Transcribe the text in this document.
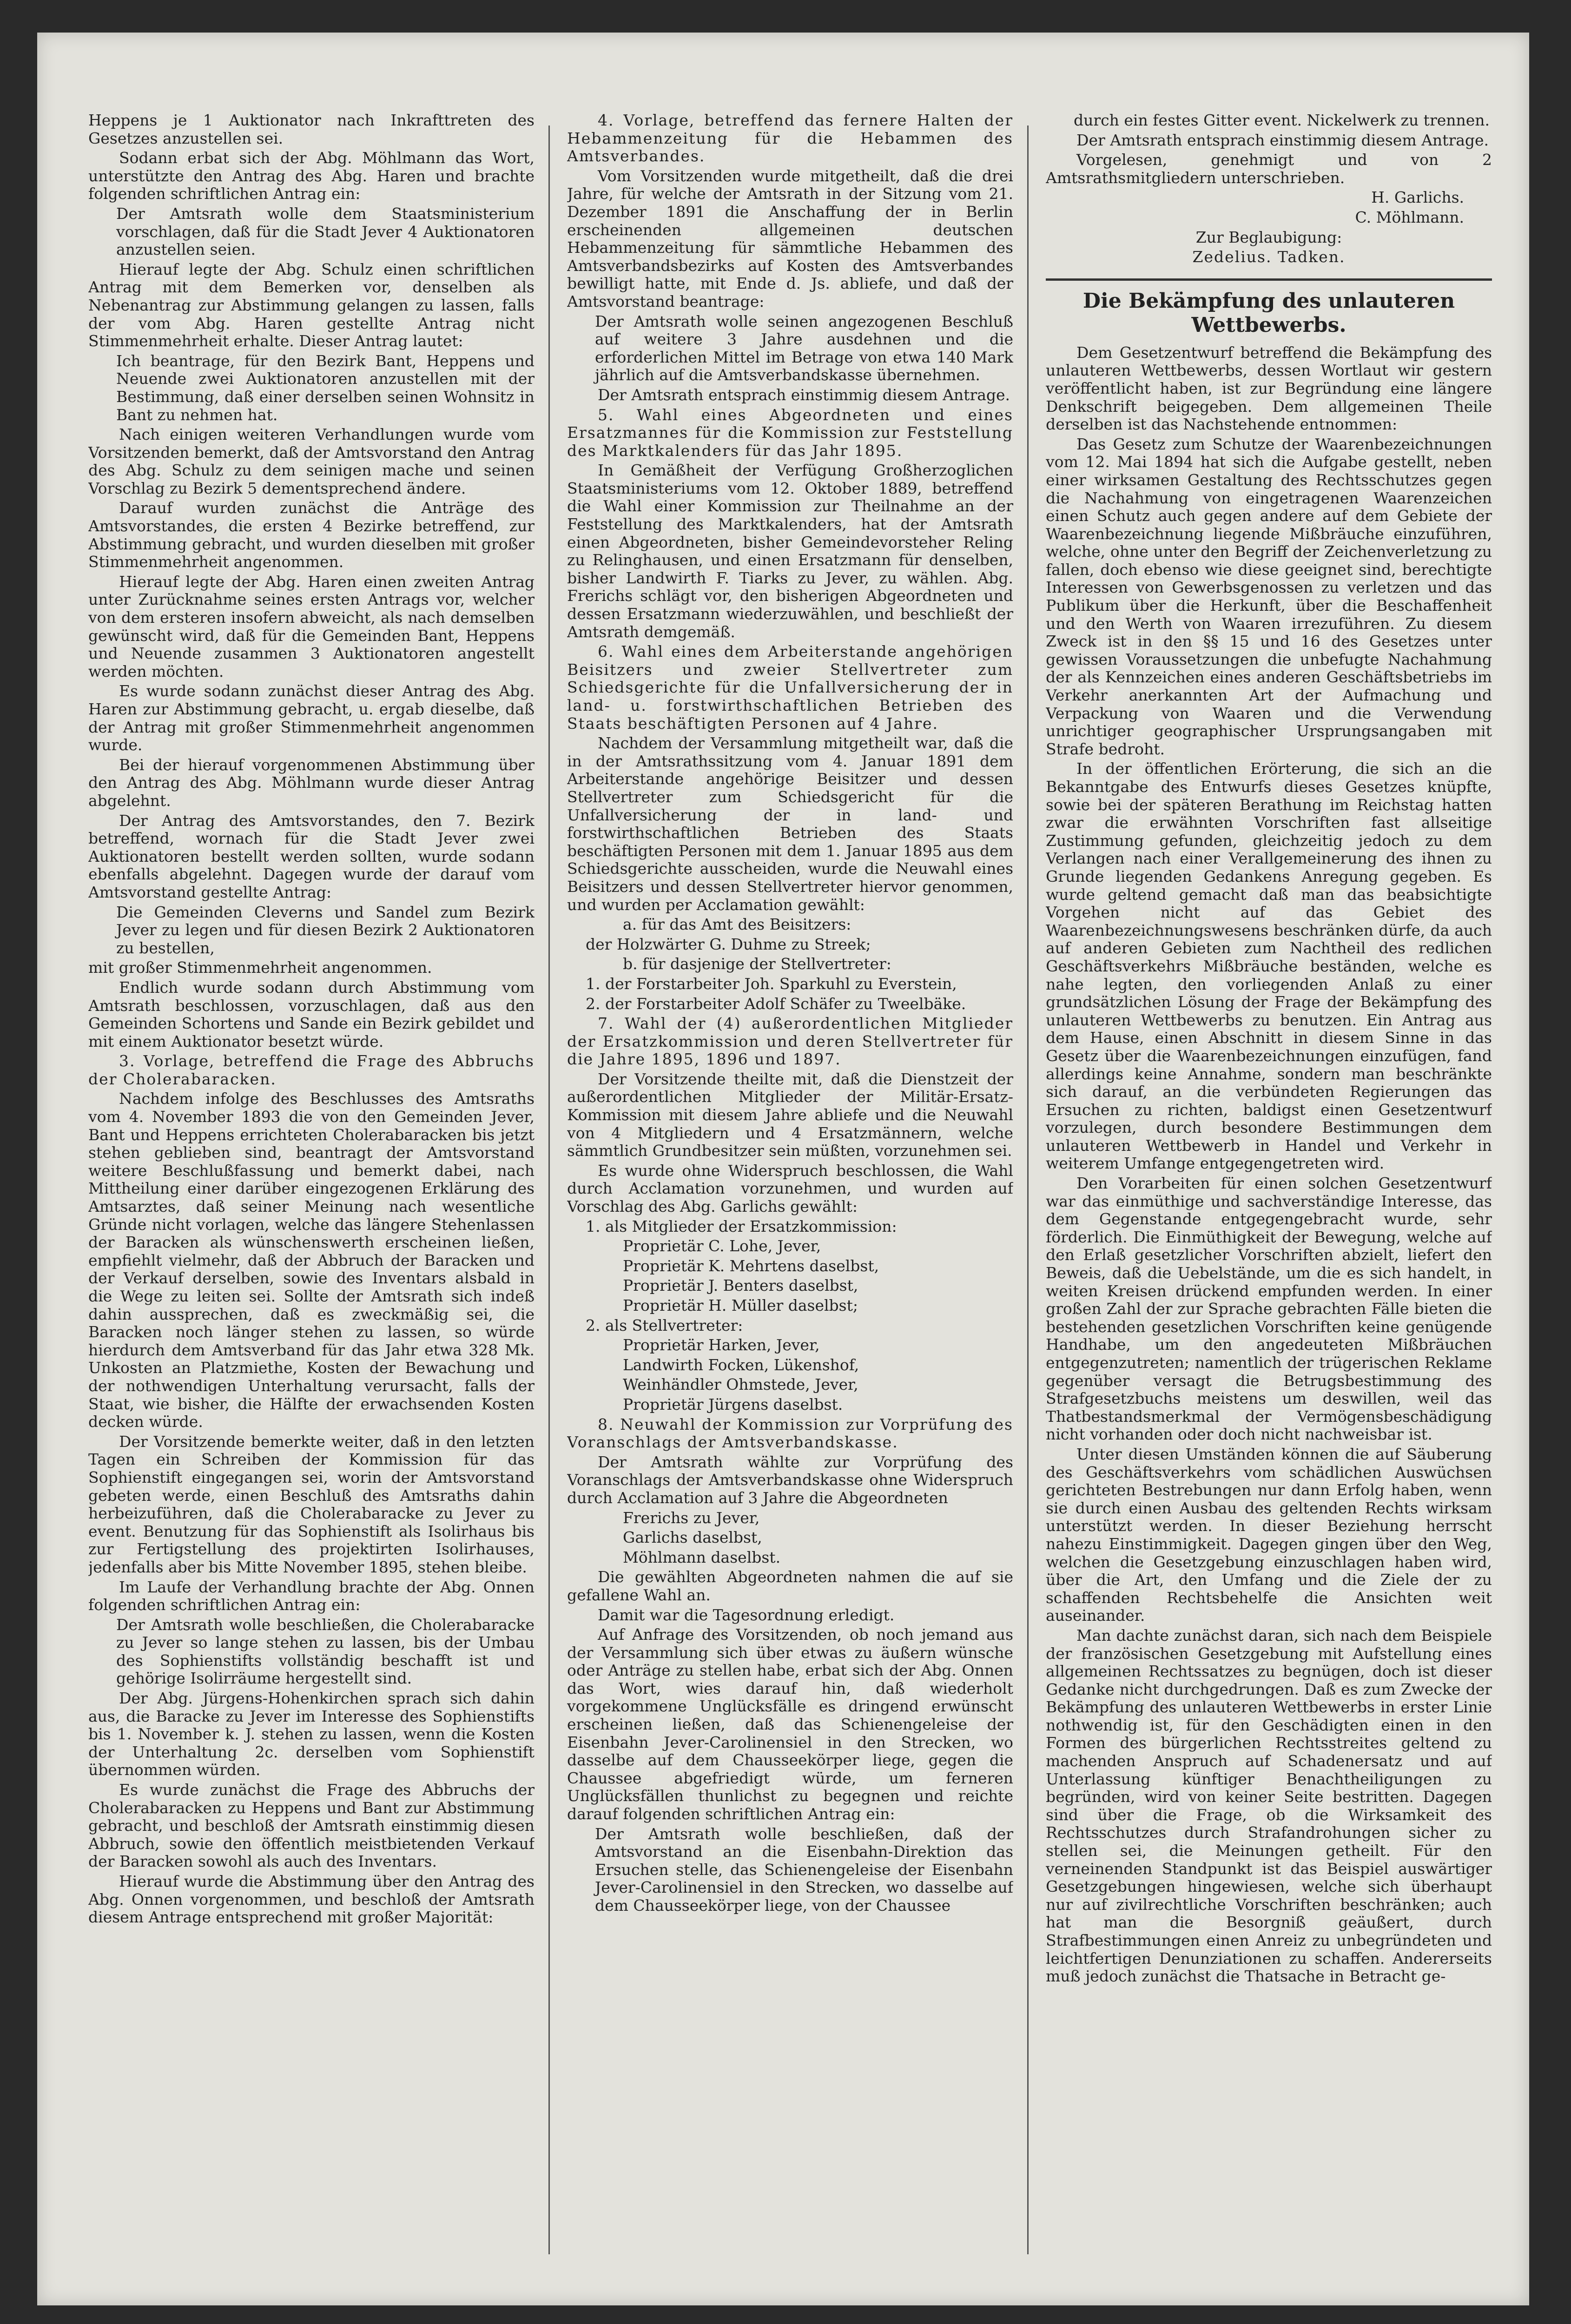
Heppens je 1 Auktionator nach Inkrafttreten des Gesetzes anzustellen sei.

Sodann erbat sich der Abg. Möhlmann das Wort, unterstützte den Antrag des Abg. Haren und brachte folgenden schriftlichen Antrag ein:

Der Amtsrath wolle dem Staatsministerium vorschlagen, daß für die Stadt Jever 4 Auktionatoren anzustellen seien.

Hierauf legte der Abg. Schulz einen schriftlichen Antrag mit dem Bemerken vor, denselben als Nebenantrag zur Abstimmung gelangen zu lassen, falls der vom Abg. Haren gestellte Antrag nicht Stimmenmehrheit erhalte. Dieser Antrag lautet:

Ich beantrage, für den Bezirk Bant, Heppens und Neuende zwei Auktionatoren anzustellen mit der Bestimmung, daß einer derselben seinen Wohnsitz in Bant zu nehmen hat.

Nach einigen weiteren Verhandlungen wurde vom Vorsitzenden bemerkt, daß der Amtsvorstand den Antrag des Abg. Schulz zu dem seinigen mache und seinen Vorschlag zu Bezirk 5 dementsprechend ändere.

Darauf wurden zunächst die Anträge des Amtsvorstandes, die ersten 4 Bezirke betreffend, zur Abstimmung gebracht, und wurden dieselben mit großer Stimmenmehrheit angenommen.

Hierauf legte der Abg. Haren einen zweiten Antrag unter Zurücknahme seines ersten Antrags vor, welcher von dem ersteren insofern abweicht, als nach demselben gewünscht wird, daß für die Gemeinden Bant, Heppens und Neuende zusammen 3 Auktionatoren angestellt werden möchten.

Es wurde sodann zunächst dieser Antrag des Abg. Haren zur Abstimmung gebracht, u. ergab dieselbe, daß der Antrag mit großer Stimmenmehrheit angenommen wurde.

Bei der hierauf vorgenommenen Abstimmung über den Antrag des Abg. Möhlmann wurde dieser Antrag abgelehnt.

Der Antrag des Amtsvorstandes, den 7. Bezirk betreffend, wornach für die Stadt Jever zwei Auktionatoren bestellt werden sollten, wurde sodann ebenfalls abgelehnt. Dagegen wurde der darauf vom Amtsvorstand gestellte Antrag:

Die Gemeinden Cleverns und Sandel zum Bezirk Jever zu legen und für diesen Bezirk 2 Auktionatoren zu bestellen,

mit großer Stimmenmehrheit angenommen.

Endlich wurde sodann durch Abstimmung vom Amtsrath beschlossen, vorzuschlagen, daß aus den Gemeinden Schortens und Sande ein Bezirk gebildet und mit einem Auktionator besetzt würde.

3. Vorlage, betreffend die Frage des Abbruchs der Cholerabaracken.

Nachdem infolge des Beschlusses des Amtsraths vom 4. November 1893 die von den Gemeinden Jever, Bant und Heppens errichteten Cholerabaracken bis jetzt stehen geblieben sind, beantragt der Amtsvorstand weitere Beschlußfassung und bemerkt dabei, nach Mittheilung einer darüber eingezogenen Erklärung des Amtsarztes, daß seiner Meinung nach wesentliche Gründe nicht vorlagen, welche das längere Stehenlassen der Baracken als wünschenswerth erscheinen ließen, empfiehlt vielmehr, daß der Abbruch der Baracken und der Verkauf derselben, sowie des Inventars alsbald in die Wege zu leiten sei. Sollte der Amtsrath sich indeß dahin aussprechen, daß es zweckmäßig sei, die Baracken noch länger stehen zu lassen, so würde hierdurch dem Amtsverband für das Jahr etwa 328 Mk. Unkosten an Platzmiethe, Kosten der Bewachung und der nothwendigen Unterhaltung verursacht, falls der Staat, wie bisher, die Hälfte der erwachsenden Kosten decken würde.

Der Vorsitzende bemerkte weiter, daß in den letzten Tagen ein Schreiben der Kommission für das Sophienstift eingegangen sei, worin der Amtsvorstand gebeten werde, einen Beschluß des Amtsraths dahin herbeizuführen, daß die Cholerabaracke zu Jever zu event. Benutzung für das Sophienstift als Isolirhaus bis zur Fertigstellung des projektirten Isolirhauses, jedenfalls aber bis Mitte November 1895, stehen bleibe.

Im Laufe der Verhandlung brachte der Abg. Onnen folgenden schriftlichen Antrag ein:

Der Amtsrath wolle beschließen, die Cholerabaracke zu Jever so lange stehen zu lassen, bis der Umbau des Sophienstifts vollständig beschafft ist und gehörige Isolirräume hergestellt sind.

Der Abg. Jürgens-Hohenkirchen sprach sich dahin aus, die Baracke zu Jever im Interesse des Sophienstifts bis 1. November k. J. stehen zu lassen, wenn die Kosten der Unterhaltung 2c. derselben vom Sophienstift übernommen würden.

Es wurde zunächst die Frage des Abbruchs der Cholerabaracken zu Heppens und Bant zur Abstimmung gebracht, und beschloß der Amtsrath einstimmig diesen Abbruch, sowie den öffentlich meistbietenden Verkauf der Baracken sowohl als auch des Inventars.

Hierauf wurde die Abstimmung über den Antrag des Abg. Onnen vorgenommen, und beschloß der Amtsrath diesem Antrage entsprechend mit großer Majorität:

4. Vorlage, betreffend das fernere Halten der Hebammenzeitung für die Hebammen des Amtsverbandes.

Vom Vorsitzenden wurde mitgetheilt, daß die drei Jahre, für welche der Amtsrath in der Sitzung vom 21. Dezember 1891 die Anschaffung der in Berlin erscheinenden allgemeinen deutschen Hebammenzeitung für sämmtliche Hebammen des Amtsverbandsbezirks auf Kosten des Amtsverbandes bewilligt hatte, mit Ende d. Js. abliefe, und daß der Amtsvorstand beantrage:

Der Amtsrath wolle seinen angezogenen Beschluß auf weitere 3 Jahre ausdehnen und die erforderlichen Mittel im Betrage von etwa 140 Mark jährlich auf die Amtsverbandskasse übernehmen.

Der Amtsrath entsprach einstimmig diesem Antrage.

5. Wahl eines Abgeordneten und eines Ersatzmannes für die Kommission zur Feststellung des Marktkalenders für das Jahr 1895.

In Gemäßheit der Verfügung Großherzoglichen Staatsministeriums vom 12. Oktober 1889, betreffend die Wahl einer Kommission zur Theilnahme an der Feststellung des Marktkalenders, hat der Amtsrath einen Abgeordneten, bisher Gemeindevorsteher Reling zu Relinghausen, und einen Ersatzmann für denselben, bisher Landwirth F. Tiarks zu Jever, zu wählen. Abg. Frerichs schlägt vor, den bisherigen Abgeordneten und dessen Ersatzmann wiederzuwählen, und beschließt der Amtsrath demgemäß.

6. Wahl eines dem Arbeiterstande angehörigen Beisitzers und zweier Stellvertreter zum Schiedsgerichte für die Unfallversicherung der in land- u. forstwirthschaftlichen Betrieben des Staats beschäftigten Personen auf 4 Jahre.

Nachdem der Versammlung mitgetheilt war, daß die in der Amtsrathssitzung vom 4. Januar 1891 dem Arbeiterstande angehörige Beisitzer und dessen Stellvertreter zum Schiedsgericht für die Unfallversicherung der in land- und forstwirthschaftlichen Betrieben des Staats beschäftigten Personen mit dem 1. Januar 1895 aus dem Schiedsgerichte ausscheiden, wurde die Neuwahl eines Beisitzers und dessen Stellvertreter hiervor genommen, und wurden per Acclamation gewählt:

a. für das Amt des Beisitzers:

der Holzwärter G. Duhme zu Streek;

b. für dasjenige der Stellvertreter:

1. der Forstarbeiter Joh. Sparkuhl zu Everstein,

2. der Forstarbeiter Adolf Schäfer zu Tweelbäke.

7. Wahl der (4) außerordentlichen Mitglieder der Ersatzkommission und deren Stellvertreter für die Jahre 1895, 1896 und 1897.

Der Vorsitzende theilte mit, daß die Dienstzeit der außerordentlichen Mitglieder der Militär-Ersatz-Kommission mit diesem Jahre abliefe und die Neuwahl von 4 Mitgliedern und 4 Ersatzmännern, welche sämmtlich Grundbesitzer sein müßten, vorzunehmen sei.

Es wurde ohne Widerspruch beschlossen, die Wahl durch Acclamation vorzunehmen, und wurden auf Vorschlag des Abg. Garlichs gewählt:

1. als Mitglieder der Ersatzkommission:

Proprietär C. Lohe, Jever,

Proprietär K. Mehrtens daselbst,

Proprietär J. Benters daselbst,

Proprietär H. Müller daselbst;

2. als Stellvertreter:

Proprietär Harken, Jever,

Landwirth Focken, Lükenshof,

Weinhändler Ohmstede, Jever,

Proprietär Jürgens daselbst.

8. Neuwahl der Kommission zur Vorprüfung des Voranschlags der Amtsverbandskasse.

Der Amtsrath wählte zur Vorprüfung des Voranschlags der Amtsverbandskasse ohne Widerspruch durch Acclamation auf 3 Jahre die Abgeordneten

Frerichs zu Jever,

Garlichs daselbst,

Möhlmann daselbst.

Die gewählten Abgeordneten nahmen die auf sie gefallene Wahl an.

Damit war die Tagesordnung erledigt.

Auf Anfrage des Vorsitzenden, ob noch jemand aus der Versammlung sich über etwas zu äußern wünsche oder Anträge zu stellen habe, erbat sich der Abg. Onnen das Wort, wies darauf hin, daß wiederholt vorgekommene Unglücksfälle es dringend erwünscht erscheinen ließen, daß das Schienengeleise der Eisenbahn Jever-Carolinensiel in den Strecken, wo dasselbe auf dem Chausseekörper liege, gegen die Chaussee abgefriedigt würde, um ferneren Unglücksfällen thunlichst zu begegnen und reichte darauf folgenden schriftlichen Antrag ein:

Der Amtsrath wolle beschließen, daß der Amtsvorstand an die Eisenbahn-Direktion das Ersuchen stelle, das Schienengeleise der Eisenbahn Jever-Carolinensiel in den Strecken, wo dasselbe auf dem Chausseekörper liege, von der Chaussee

durch ein festes Gitter event. Nickelwerk zu trennen.

Der Amtsrath entsprach einstimmig diesem Antrage.

Vorgelesen, genehmigt und von 2 Amtsrathsmitgliedern unterschrieben.

H. Garlichs.

C. Möhlmann.

Zur Beglaubigung:

Zedelius. Tadken.

Die Bekämpfung des unlauteren Wettbewerbs.

Dem Gesetzentwurf betreffend die Bekämpfung des unlauteren Wettbewerbs, dessen Wortlaut wir gestern veröffentlicht haben, ist zur Begründung eine längere Denkschrift beigegeben. Dem allgemeinen Theile derselben ist das Nachstehende entnommen:

Das Gesetz zum Schutze der Waarenbezeichnungen vom 12. Mai 1894 hat sich die Aufgabe gestellt, neben einer wirksamen Gestaltung des Rechtsschutzes gegen die Nachahmung von eingetragenen Waarenzeichen einen Schutz auch gegen andere auf dem Gebiete der Waarenbezeichnung liegende Mißbräuche einzuführen, welche, ohne unter den Begriff der Zeichenverletzung zu fallen, doch ebenso wie diese geeignet sind, berechtigte Interessen von Gewerbsgenossen zu verletzen und das Publikum über die Herkunft, über die Beschaffenheit und den Werth von Waaren irrezuführen. Zu diesem Zweck ist in den §§ 15 und 16 des Gesetzes unter gewissen Voraussetzungen die unbefugte Nachahmung der als Kennzeichen eines anderen Geschäftsbetriebs im Verkehr anerkannten Art der Aufmachung und Verpackung von Waaren und die Verwendung unrichtiger geographischer Ursprungsangaben mit Strafe bedroht.

In der öffentlichen Erörterung, die sich an die Bekanntgabe des Entwurfs dieses Gesetzes knüpfte, sowie bei der späteren Berathung im Reichstag hatten zwar die erwähnten Vorschriften fast allseitige Zustimmung gefunden, gleichzeitig jedoch zu dem Verlangen nach einer Verallgemeinerung des ihnen zu Grunde liegenden Gedankens Anregung gegeben. Es wurde geltend gemacht daß man das beabsichtigte Vorgehen nicht auf das Gebiet des Waarenbezeichnungswesens beschränken dürfe, da auch auf anderen Gebieten zum Nachtheil des redlichen Geschäftsverkehrs Mißbräuche beständen, welche es nahe legten, den vorliegenden Anlaß zu einer grundsätzlichen Lösung der Frage der Bekämpfung des unlauteren Wettbewerbs zu benutzen. Ein Antrag aus dem Hause, einen Abschnitt in diesem Sinne in das Gesetz über die Waarenbezeichnungen einzufügen, fand allerdings keine Annahme, sondern man beschränkte sich darauf, an die verbündeten Regierungen das Ersuchen zu richten, baldigst einen Gesetzentwurf vorzulegen, durch besondere Bestimmungen dem unlauteren Wettbewerb in Handel und Verkehr in weiterem Umfange entgegengetreten wird.

Den Vorarbeiten für einen solchen Gesetzentwurf war das einmüthige und sachverständige Interesse, das dem Gegenstande entgegengebracht wurde, sehr förderlich. Die Einmüthigkeit der Bewegung, welche auf den Erlaß gesetzlicher Vorschriften abzielt, liefert den Beweis, daß die Uebelstände, um die es sich handelt, in weiten Kreisen drückend empfunden werden. In einer großen Zahl der zur Sprache gebrachten Fälle bieten die bestehenden gesetzlichen Vorschriften keine genügende Handhabe, um den angedeuteten Mißbräuchen entgegenzutreten; namentlich der trügerischen Reklame gegenüber versagt die Betrugsbestimmung des Strafgesetzbuchs meistens um deswillen, weil das Thatbestandsmerkmal der Vermögensbeschädigung nicht vorhanden oder doch nicht nachweisbar ist.

Unter diesen Umständen können die auf Säuberung des Geschäftsverkehrs vom schädlichen Auswüchsen gerichteten Bestrebungen nur dann Erfolg haben, wenn sie durch einen Ausbau des geltenden Rechts wirksam unterstützt werden. In dieser Beziehung herrscht nahezu Einstimmigkeit. Dagegen gingen über den Weg, welchen die Gesetzgebung einzuschlagen haben wird, über die Art, den Umfang und die Ziele der zu schaffenden Rechtsbehelfe die Ansichten weit auseinander.

Man dachte zunächst daran, sich nach dem Beispiele der französischen Gesetzgebung mit Aufstellung eines allgemeinen Rechtssatzes zu begnügen, doch ist dieser Gedanke nicht durchgedrungen. Daß es zum Zwecke der Bekämpfung des unlauteren Wettbewerbs in erster Linie nothwendig ist, für den Geschädigten einen in den Formen des bürgerlichen Rechtsstreites geltend zu machenden Anspruch auf Schadenersatz und auf Unterlassung künftiger Benachtheiligungen zu begründen, wird von keiner Seite bestritten. Dagegen sind über die Frage, ob die Wirksamkeit des Rechtsschutzes durch Strafandrohungen sicher zu stellen sei, die Meinungen getheilt. Für den verneinenden Standpunkt ist das Beispiel auswärtiger Gesetzgebungen hingewiesen, welche sich überhaupt nur auf zivilrechtliche Vorschriften beschränken; auch hat man die Besorgniß geäußert, durch Strafbestimmungen einen Anreiz zu unbegründeten und leichtfertigen Denunziationen zu schaffen. Andererseits muß jedoch zunächst die Thatsache in Betracht ge-
